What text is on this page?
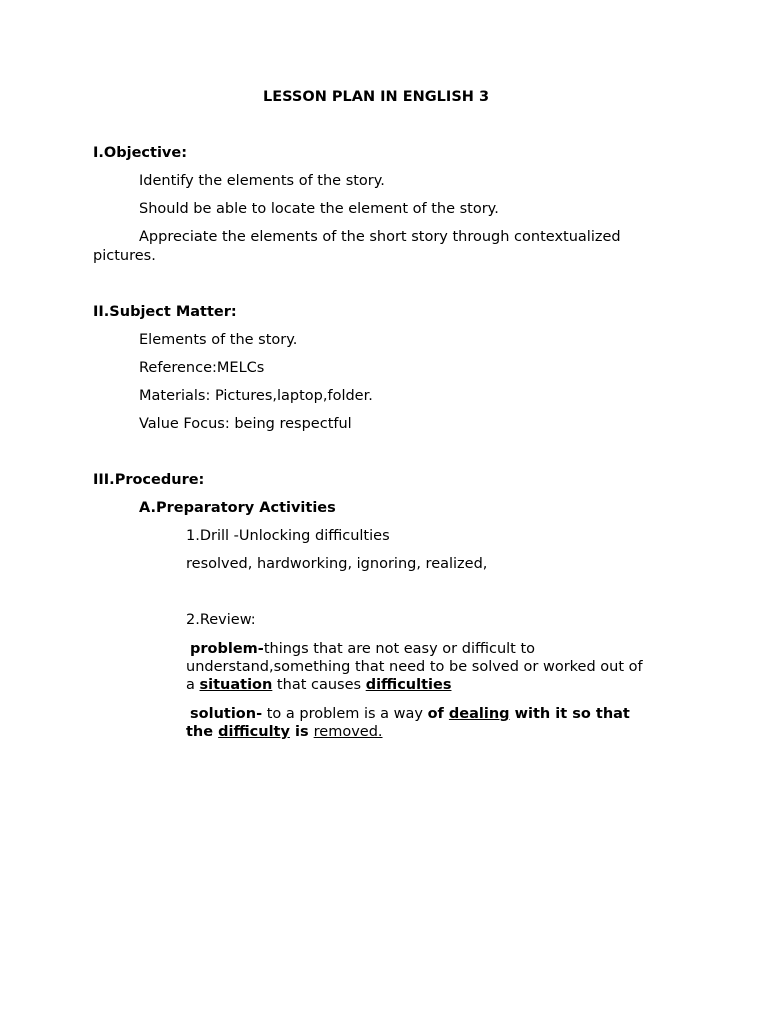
LESSON PLAN IN ENGLISH 3
I.Objective:
Identify the elements of the story.
Should be able to locate the element of the story.
Appreciate the elements of the short story through contextualized
pictures.
II.Subject Matter:
Elements of the story.
Reference:MELCs
Materials: Pictures,laptop,folder.
Value Focus: being respectful
III.Procedure:
A.Preparatory Activities
1.Drill -Unlocking difficulties
resolved, hardworking, ignoring, realized,
2.Review:
problem-things that are not easy or difficult to
understand,something that need to be solved or worked out of
a situation that causes difficulties
solution- to a problem is a way of dealing with it so that
the difficulty is removed.
